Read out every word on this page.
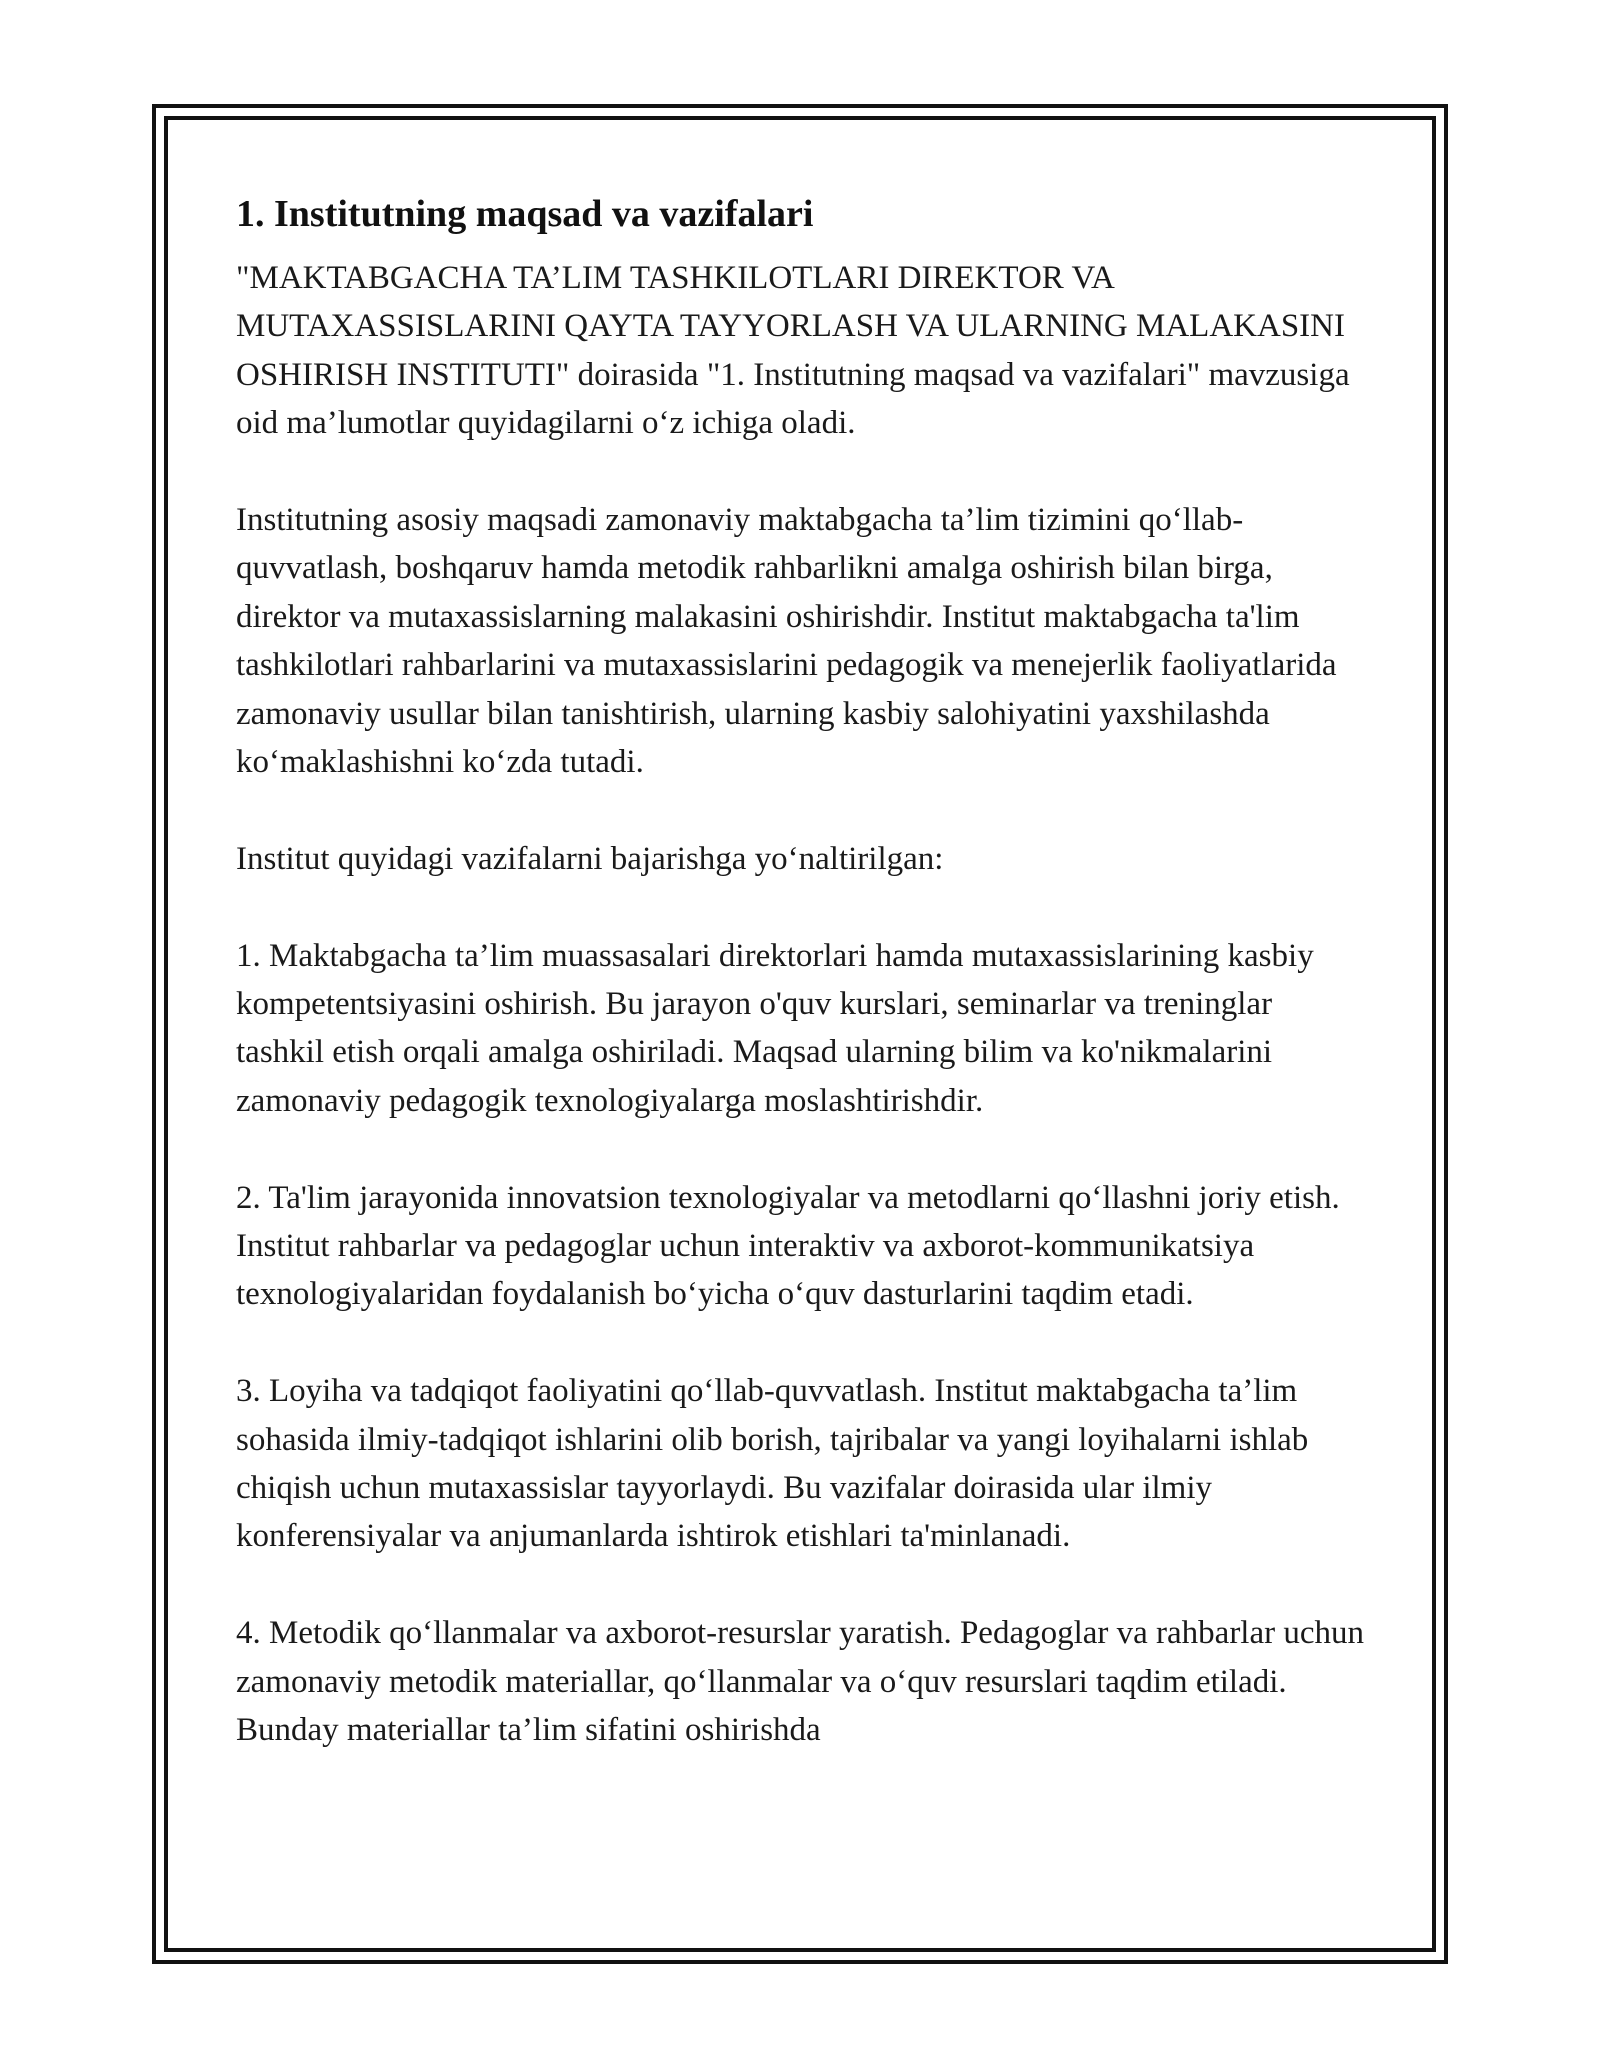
1. Institutning maqsad va vazifalari

"MAKTABGACHA TA’LIM TASHKILOTLARI DIREKTOR VA MUTAXASSISLARINI QAYTA TAYYORLASH VA ULARNING MALAKASINI OSHIRISH INSTITUTI" doirasida "1. Institutning maqsad va vazifalari" mavzusiga oid ma’lumotlar quyidagilarni o‘z ichiga oladi.

Institutning asosiy maqsadi zamonaviy maktabgacha ta’lim tizimini qo‘llab-quvvatlash, boshqaruv hamda metodik rahbarlikni amalga oshirish bilan birga, direktor va mutaxassislarning malakasini oshirishdir. Institut maktabgacha ta'lim tashkilotlari rahbarlarini va mutaxassislarini pedagogik va menejerlik faoliyatlarida zamonaviy usullar bilan tanishtirish, ularning kasbiy salohiyatini yaxshilashda ko‘maklashishni ko‘zda tutadi.

Institut quyidagi vazifalarni bajarishga yo‘naltirilgan:

1. Maktabgacha ta’lim muassasalari direktorlari hamda mutaxassislarining kasbiy kompetentsiyasini oshirish. Bu jarayon o'quv kurslari, seminarlar va treninglar tashkil etish orqali amalga oshiriladi. Maqsad ularning bilim va ko'nikmalarini zamonaviy pedagogik texnologiyalarga moslashtirishdir.

2. Ta'lim jarayonida innovatsion texnologiyalar va metodlarni qo‘llashni joriy etish. Institut rahbarlar va pedagoglar uchun interaktiv va axborot-kommunikatsiya texnologiyalaridan foydalanish bo‘yicha o‘quv dasturlarini taqdim etadi.

3. Loyiha va tadqiqot faoliyatini qo‘llab-quvvatlash. Institut maktabgacha ta’lim sohasida ilmiy-tadqiqot ishlarini olib borish, tajribalar va yangi loyihalarni ishlab chiqish uchun mutaxassislar tayyorlaydi. Bu vazifalar doirasida ular ilmiy konferensiyalar va anjumanlarda ishtirok etishlari ta'minlanadi.

4. Metodik qo‘llanmalar va axborot-resurslar yaratish. Pedagoglar va rahbarlar uchun zamonaviy metodik materiallar, qo‘llanmalar va o‘quv resurslari taqdim etiladi. Bunday materiallar ta’lim sifatini oshirishda
